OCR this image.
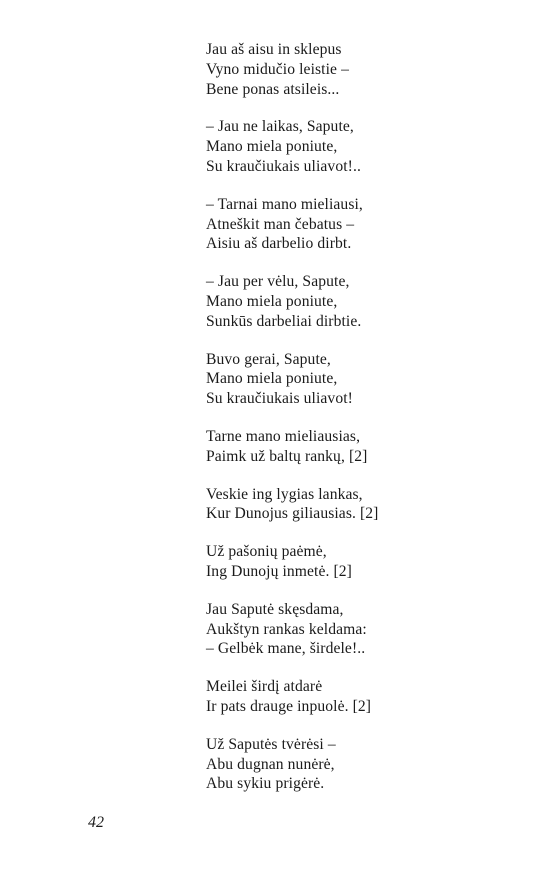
Jau aš aisu in sklepus
Vyno midučio leistie –
Bene ponas atsileis...
– Jau ne laikas, Sapute,
Mano miela poniute,
Su kraučiukais uliavot!..
– Tarnai mano mieliausi,
Atneškit man čebatus –
Aisiu aš darbelio dirbt.
– Jau per vėlu, Sapute,
Mano miela poniute,
Sunkūs darbeliai dirbtie.
Buvo gerai, Sapute,
Mano miela poniute,
Su kraučiukais uliavot!
Tarne mano mieliausias,
Paimk už baltų rankų, [2]
Veskie ing lygias lankas,
Kur Dunojus giliausias. [2]
Už pašonių paėmė,
Ing Dunojų inmetė. [2]
Jau Saputė skęsdama,
Aukštyn rankas keldama:
– Gelbėk mane, širdele!..
Meilei širdį atdarė
Ir pats drauge inpuolė. [2]
Už Saputės tvėrėsi –
Abu dugnan nunėrė,
Abu sykiu prigėrė.
42
